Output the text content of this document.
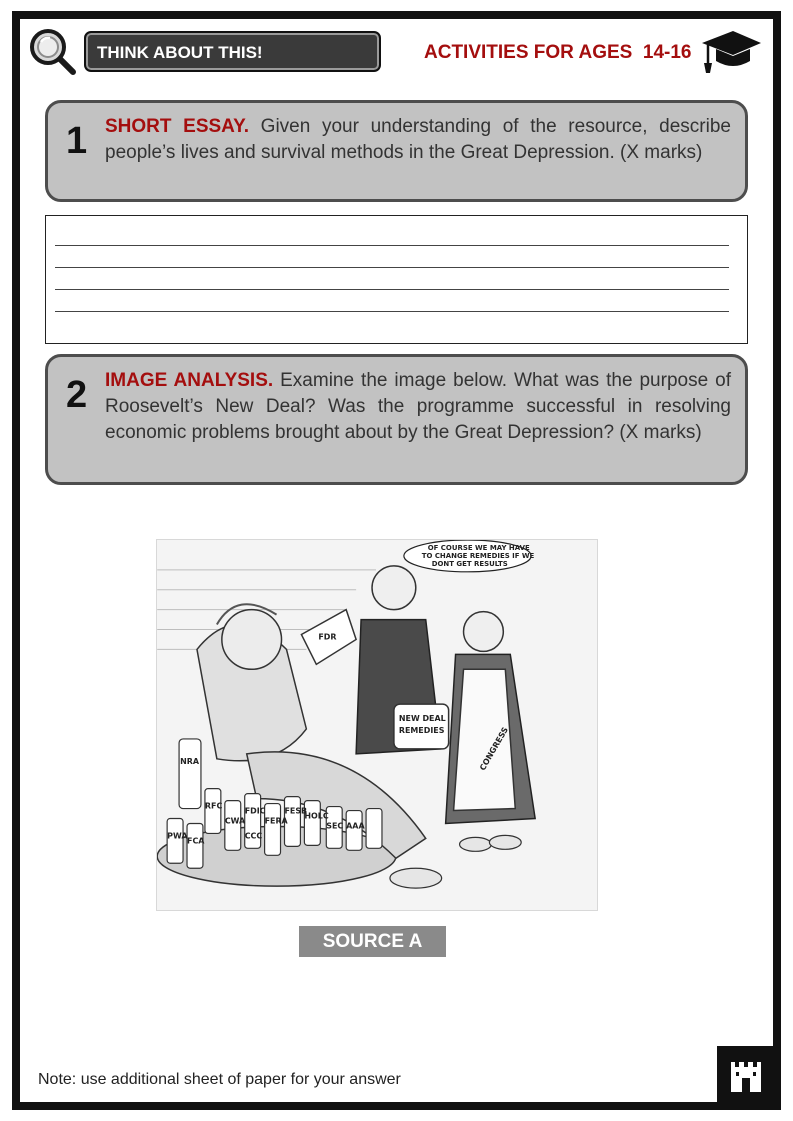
THINK ABOUT THIS!	ACTIVITIES FOR AGES  14-16
1 SHORT ESSAY. Given your understanding of the resource, describe people’s lives and survival methods in the Great Depression. (X marks)
2 IMAGE ANALYSIS. Examine the image below. What was the purpose of Roosevelt’s New Deal? Was the programme successful in resolving economic problems brought about by the Great Depression? (X marks)
OF COURSE WE MAY HAVE
TO CHANGE REMEDIES IF WE
DONT GET RESULTS
FDR
NEW DEAL
REMEDIES	CONGRESS
NRA
FESB
HOLC
AAA
CCC
CWA FERA
RFC
PWA
FDIC
FCA
SEC
SOURCE A
Note: use additional sheet of paper for your answer
